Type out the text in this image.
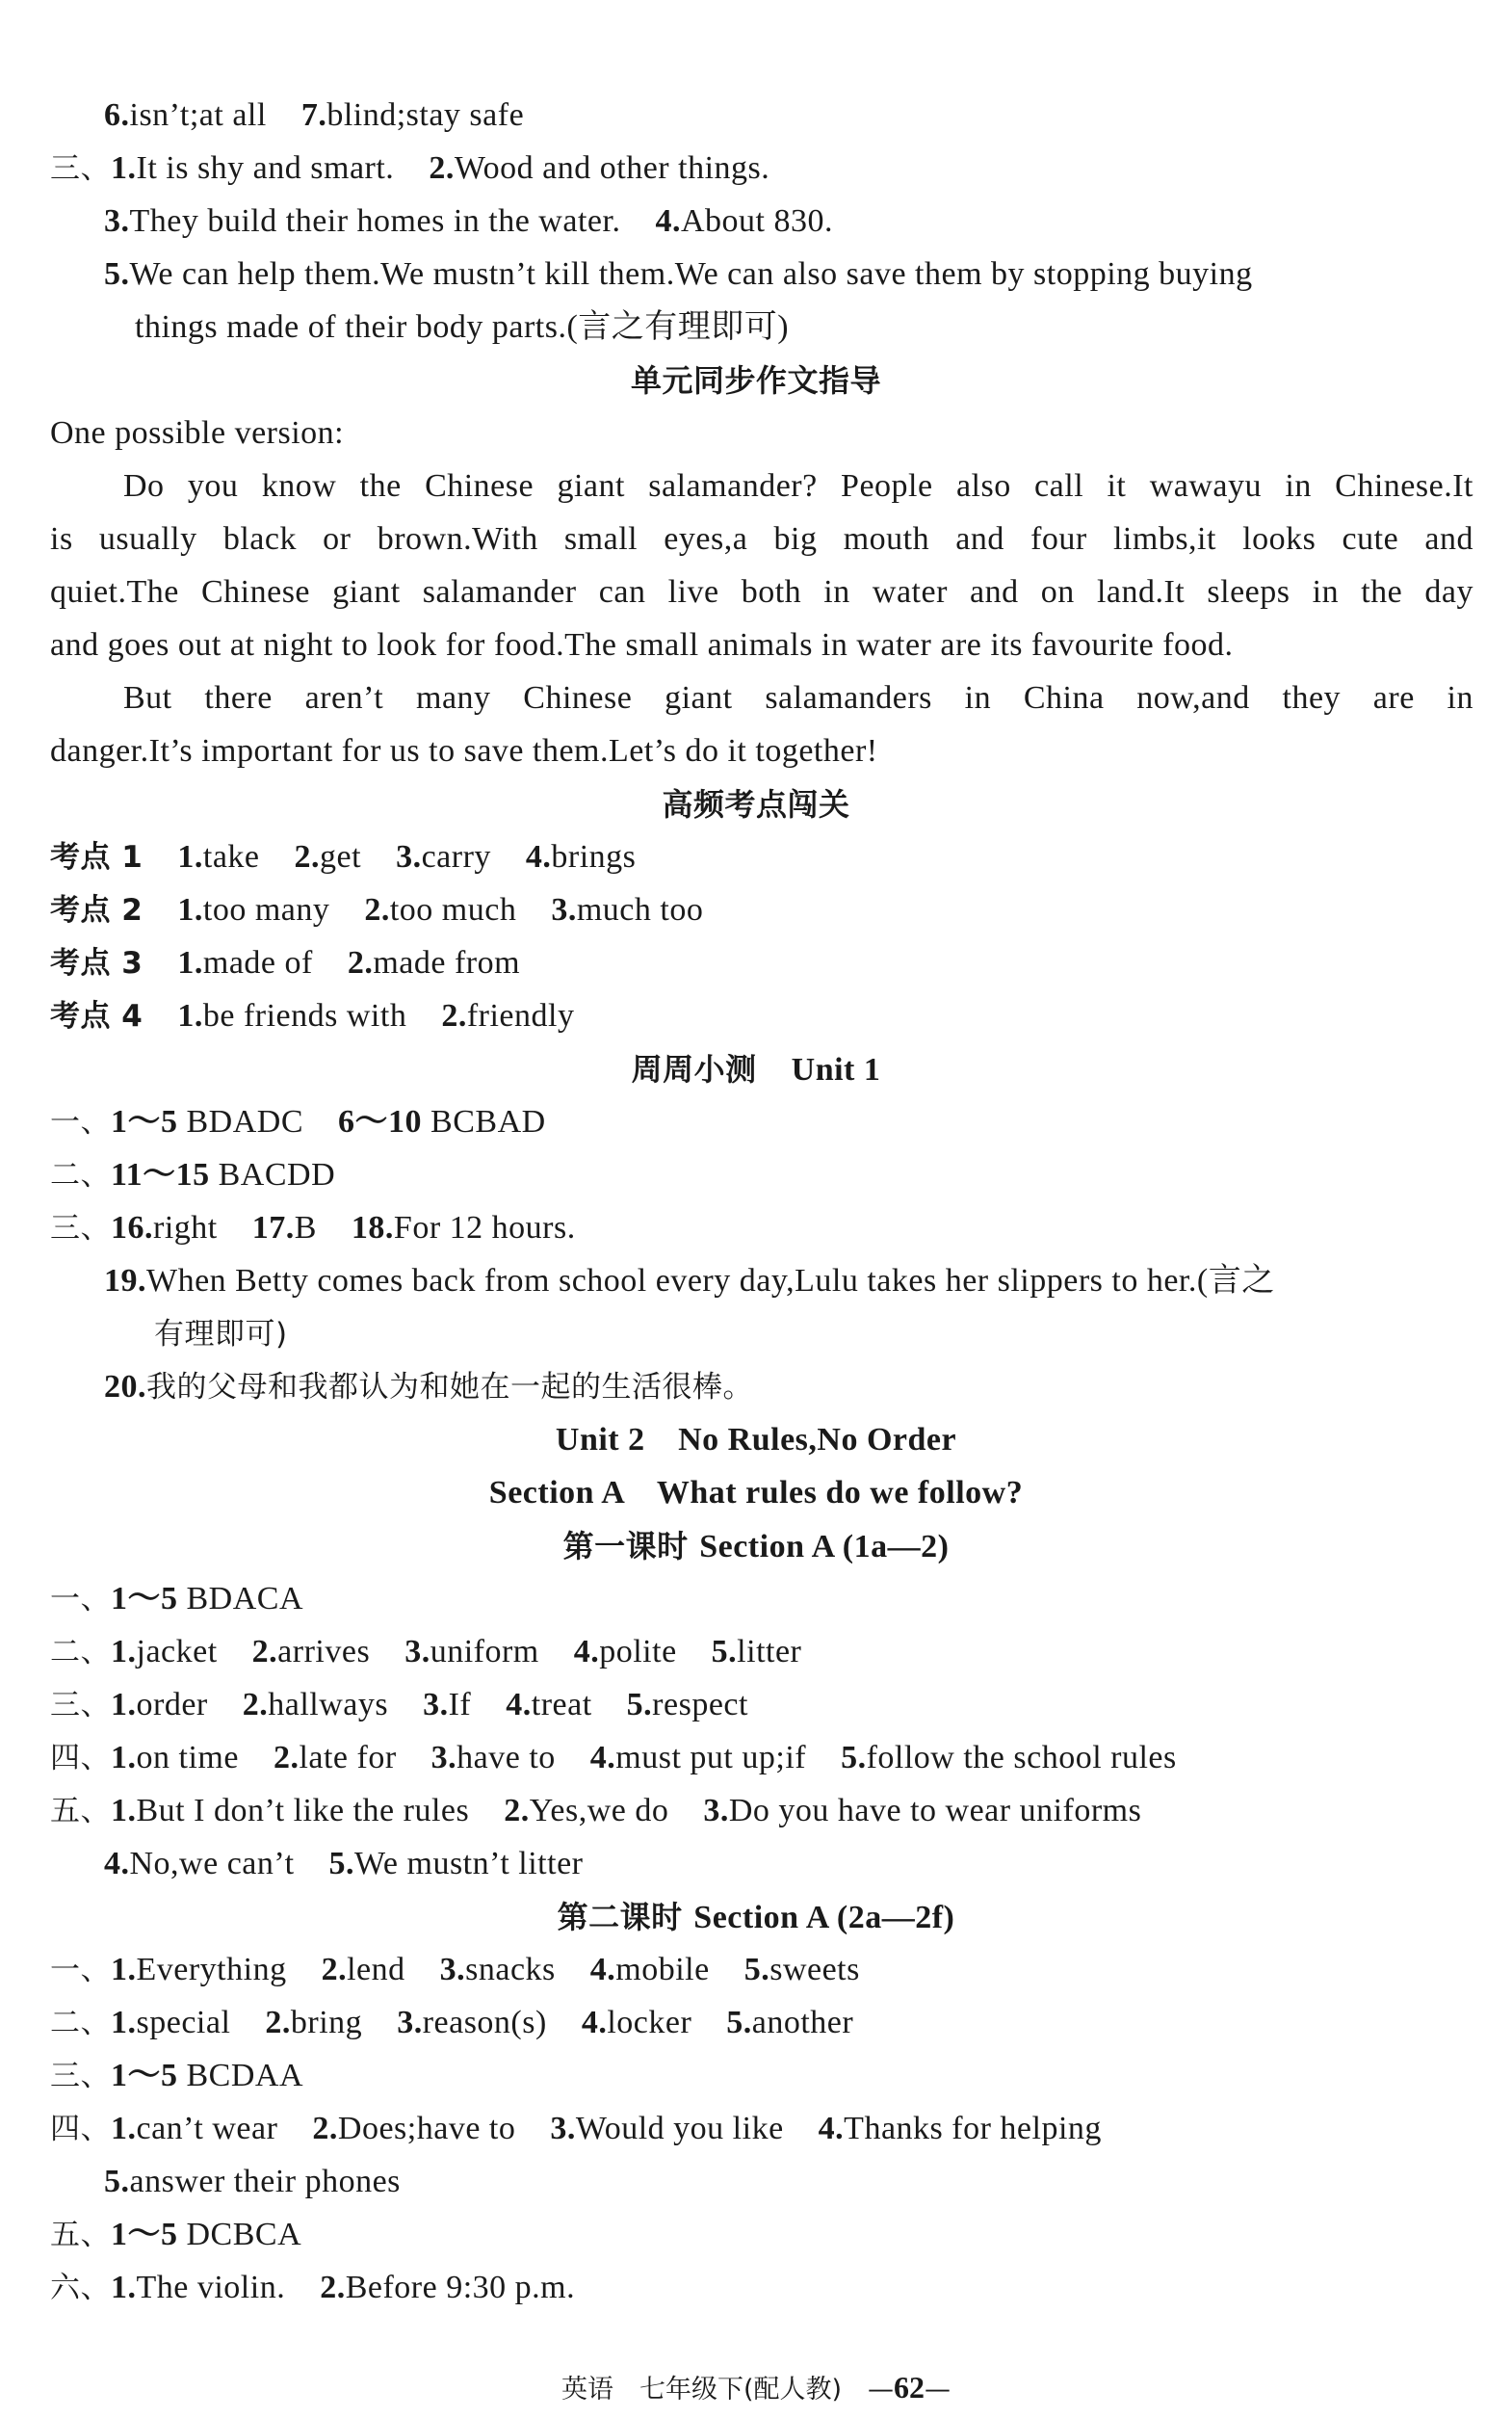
6.isn’t;at all 7.blind;stay safe
三、1.It is shy and smart. 2.Wood and other things.
3.They build their homes in the water. 4.About 830.
5.We can help them.We mustn’t kill them.We can also save them by stopping buying
things made of their body parts.(言之有理即可)
单元同步作文指导
One possible version:
Do you know the Chinese giant salamander? People also call it wawayu in Chinese.It
is usually black or brown.With small eyes,a big mouth and four limbs,it looks cute and
quiet.The Chinese giant salamander can live both in water and on land.It sleeps in the day
and goes out at night to look for food.The small animals in water are its favourite food.
But there aren’t many Chinese giant salamanders in China now,and they are in
danger.It’s important for us to save them.Let’s do it together!
高频考点闯关
考点 1 1.take 2.get 3.carry 4.brings
考点 2 1.too many 2.too much 3.much too
考点 3 1.made of 2.made from
考点 4 1.be friends with 2.friendly
周周小测 Unit 1
一、1～5 BDADC 6～10 BCBAD
二、11～15 BACDD
三、16.right 17.B 18.For 12 hours.
19.When Betty comes back from school every day,Lulu takes her slippers to her.(言之
有理即可)
20.我的父母和我都认为和她在一起的生活很棒。
Unit 2　No Rules,No Order
Section A　What rules do we follow?
第一课时 Section A (1a—2)
一、1～5 BDACA
二、1.jacket 2.arrives 3.uniform 4.polite 5.litter
三、1.order 2.hallways 3.If 4.treat 5.respect
四、1.on time 2.late for 3.have to 4.must put up;if 5.follow the school rules
五、1.But I don’t like the rules 2.Yes,we do 3.Do you have to wear uniforms
4.No,we can’t 5.We mustn’t litter
第二课时 Section A (2a—2f)
一、1.Everything 2.lend 3.snacks 4.mobile 5.sweets
二、1.special 2.bring 3.reason(s) 4.locker 5.another
三、1～5 BCDAA
四、1.can’t wear 2.Does;have to 3.Would you like 4.Thanks for helping
5.answer their phones
五、1～5 DCBCA
六、1.The violin. 2.Before 9:30 p.m.
英语　七年级下(配人教)　—62—
